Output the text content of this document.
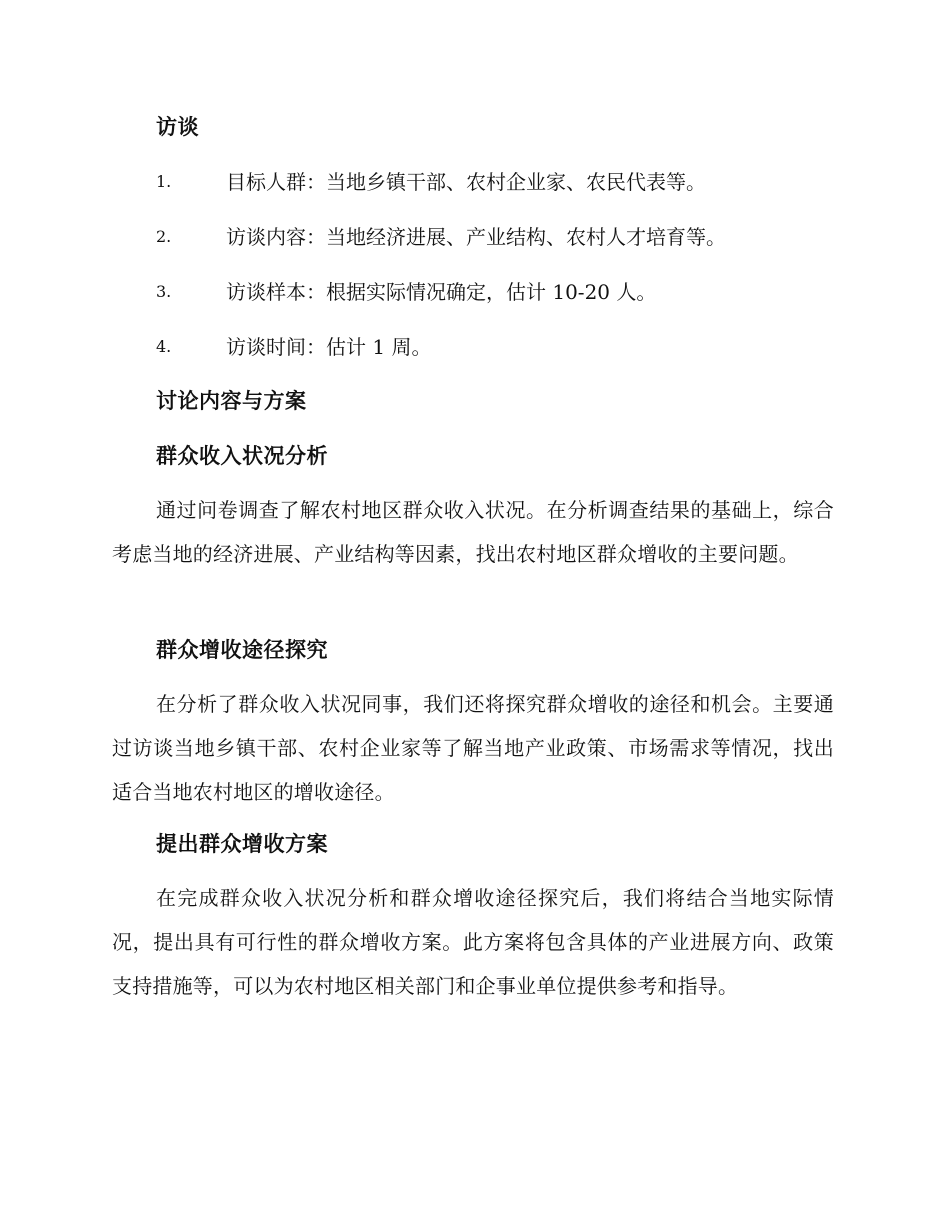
访谈
1.	目标人群：当地乡镇干部、农村企业家、农民代表等。
2.	访谈内容：当地经济进展、产业结构、农村人才培育等。
3.	访谈样本：根据实际情况确定，估计 10-20 人。
4.	访谈时间：估计 1 周。
讨论内容与方案
群众收入状况分析

通过问卷调查了解农村地区群众收入状况。在分析调查结果的基础上，综合考虑当地的经济进展、产业结构等因素，找出农村地区群众增收的主要问题。

群众增收途径探究

在分析了群众收入状况同事，我们还将探究群众增收的途径和机会。主要通过访谈当地乡镇干部、农村企业家等了解当地产业政策、市场需求等情况，找出适合当地农村地区的增收途径。

提出群众增收方案

在完成群众收入状况分析和群众增收途径探究后，我们将结合当地实际情况，提出具有可行性的群众增收方案。此方案将包含具体的产业进展方向、政策支持措施等，可以为农村地区相关部门和企事业单位提供参考和指导。
